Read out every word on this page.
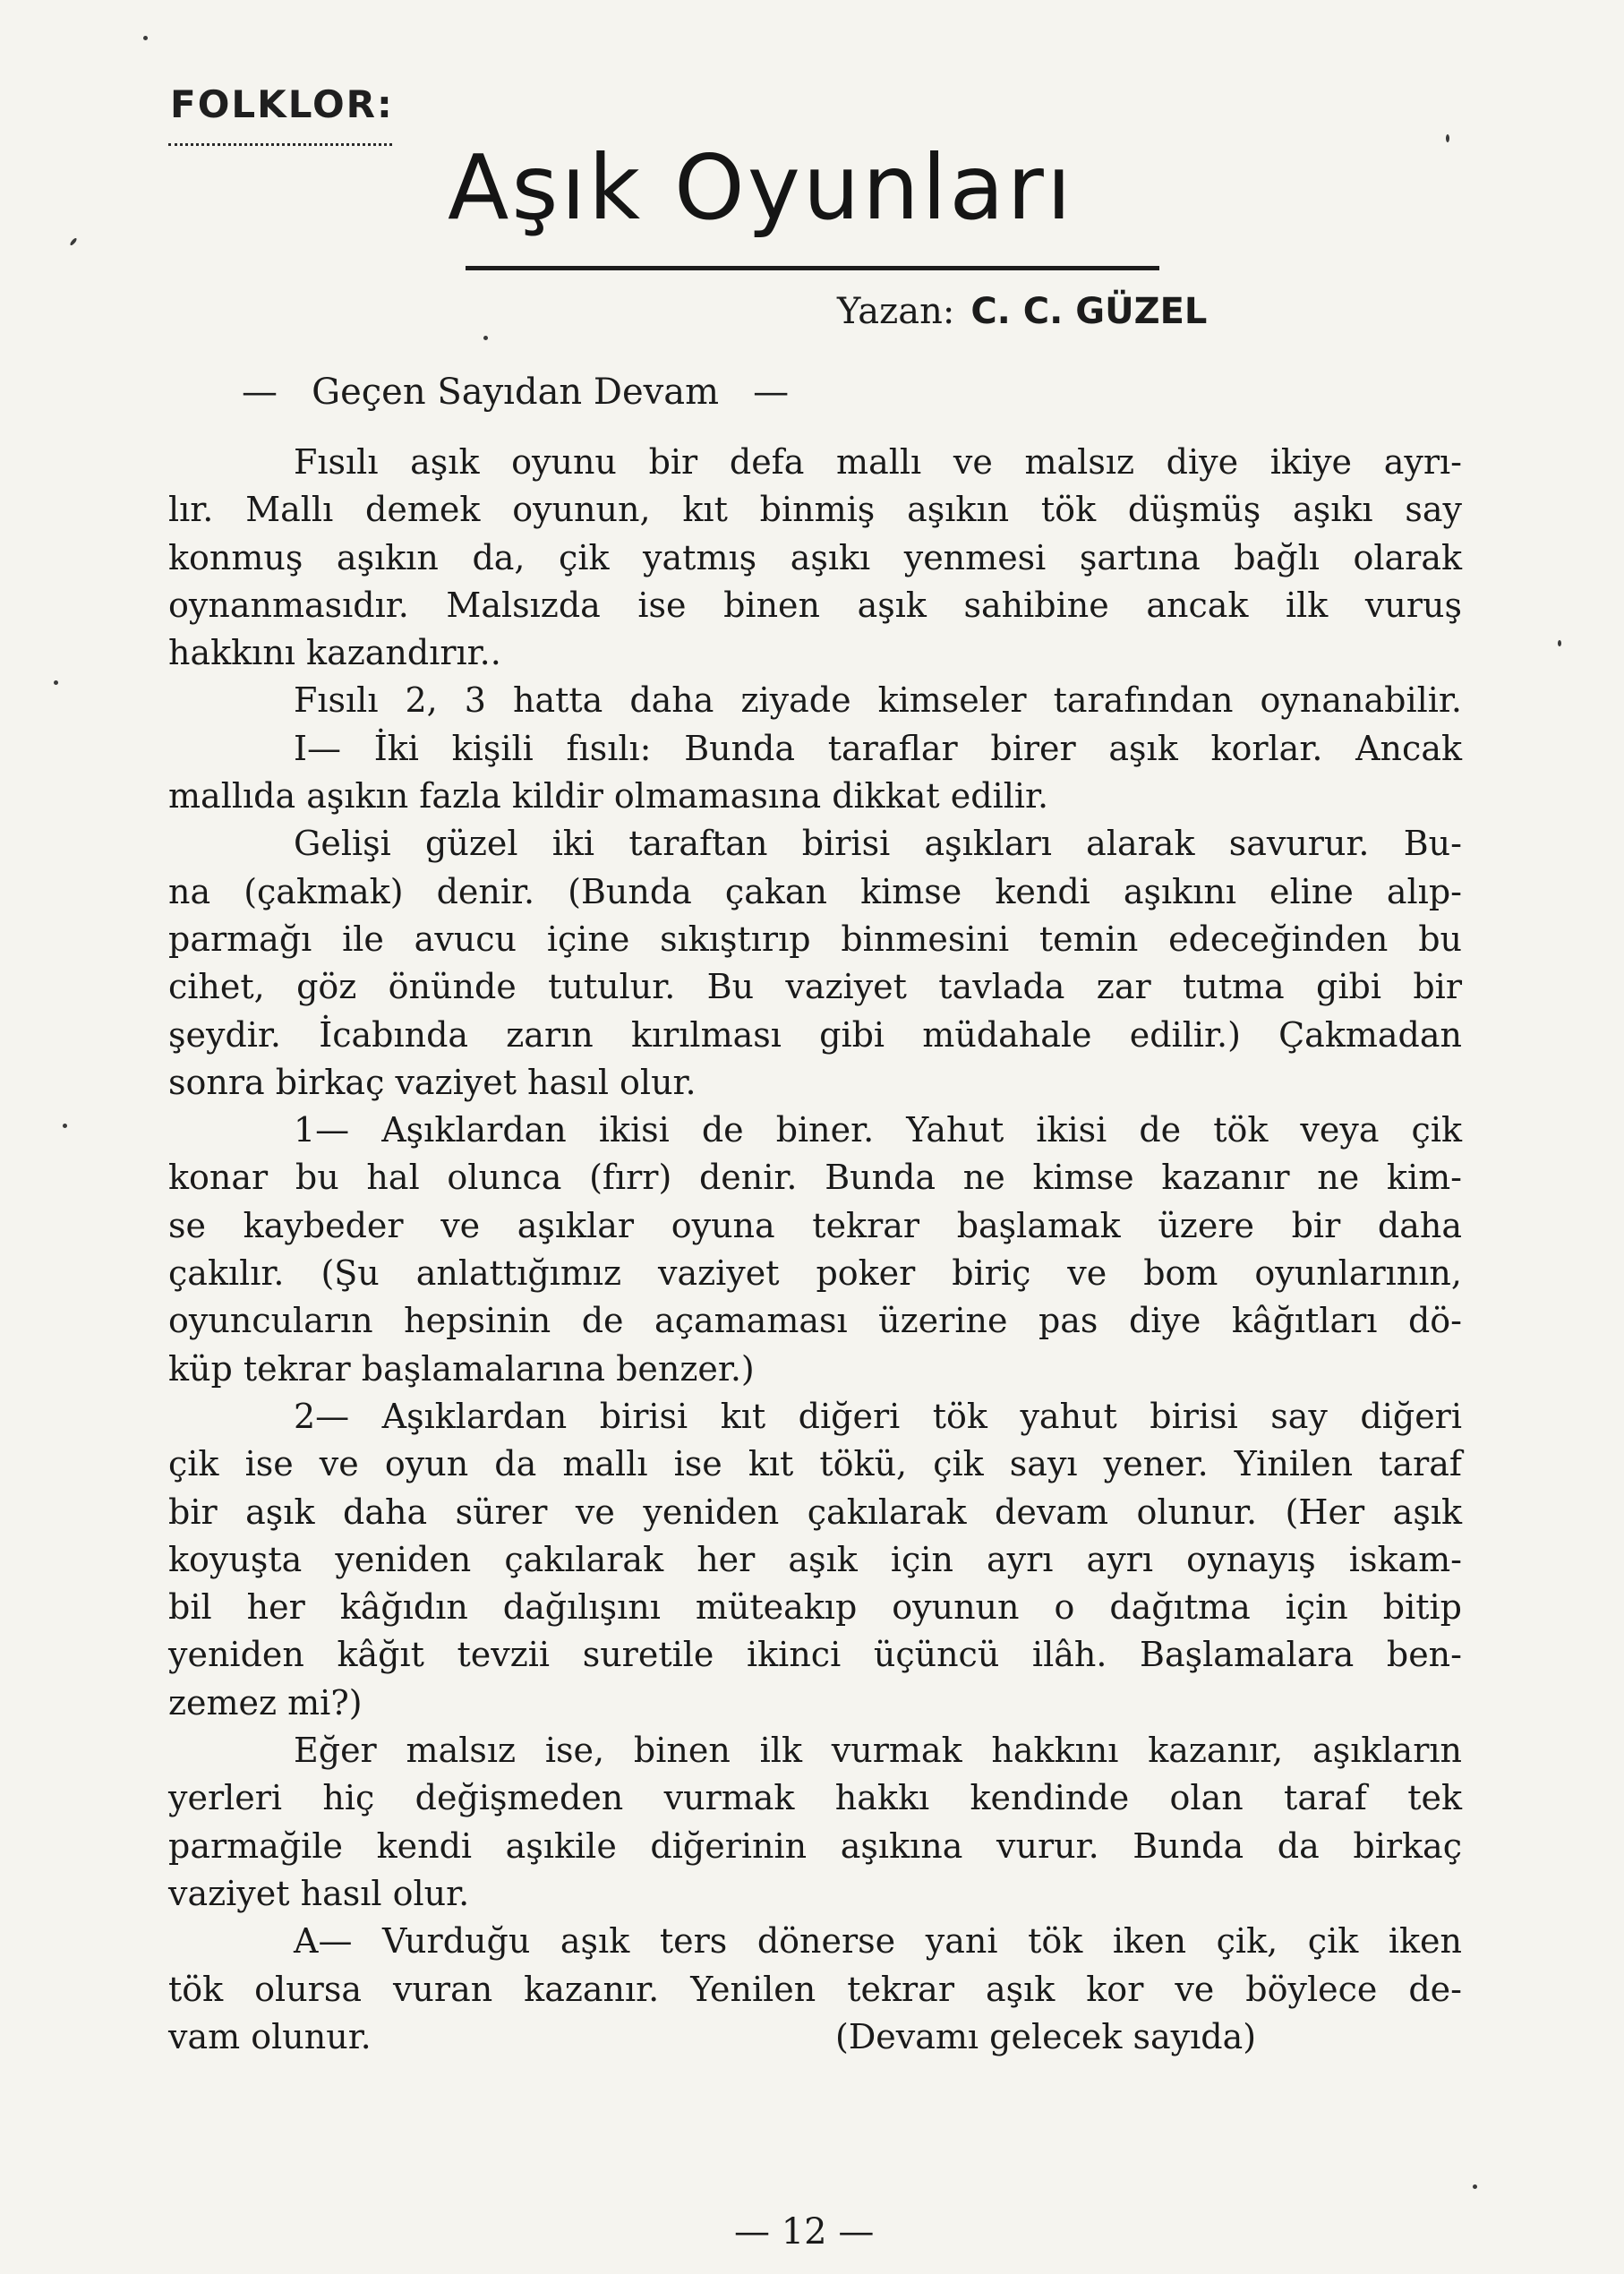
FOLKLOR:
Aşık Oyunları
Yazan: C. C. GÜZEL
—   Geçen Sayıdan Devam   —
Fısılı aşık oyunu bir defa mallı ve malsız diye ikiye ayrı-
lır. Mallı demek oyunun, kıt binmiş aşıkın tök düşmüş aşıkı say
konmuş aşıkın da, çik yatmış aşıkı yenmesi şartına bağlı olarak
oynanmasıdır. Malsızda ise binen aşık sahibine ancak ilk vuruş
hakkını kazandırır..
Fısılı 2, 3 hatta daha ziyade kimseler tarafından oynanabilir.
I— İki kişili fısılı: Bunda taraflar birer aşık korlar. Ancak
mallıda aşıkın fazla kildir olmamasına dikkat edilir.
Gelişi güzel iki taraftan birisi aşıkları alarak savurur. Bu-
na (çakmak) denir. (Bunda çakan kimse kendi aşıkını eline alıp-
parmağı ile avucu içine sıkıştırıp binmesini temin edeceğinden bu
cihet, göz önünde tutulur. Bu vaziyet tavlada zar tutma gibi bir
şeydir. İcabında zarın kırılması gibi müdahale edilir.) Çakmadan
sonra birkaç vaziyet hasıl olur.
1— Aşıklardan ikisi de biner. Yahut ikisi de tök veya çik
konar bu hal olunca (fırr) denir. Bunda ne kimse kazanır ne kim-
se kaybeder ve aşıklar oyuna tekrar başlamak üzere bir daha
çakılır. (Şu anlattığımız vaziyet poker biriç ve bom oyunlarının,
oyuncuların hepsinin de açamaması üzerine pas diye kâğıtları dö-
küp tekrar başlamalarına benzer.)
2— Aşıklardan birisi kıt diğeri tök yahut birisi say diğeri
çik ise ve oyun da mallı ise kıt tökü, çik sayı yener. Yinilen taraf
bir aşık daha sürer ve yeniden çakılarak devam olunur. (Her aşık
koyuşta yeniden çakılarak her aşık için ayrı ayrı oynayış iskam-
bil her kâğıdın dağılışını müteakıp oyunun o dağıtma için bitip
yeniden kâğıt tevzii suretile ikinci üçüncü ilâh. Başlamalara ben-
zemez mi?)
Eğer malsız ise, binen ilk vurmak hakkını kazanır, aşıkların
yerleri hiç değişmeden vurmak hakkı kendinde olan taraf tek
parmağile kendi aşıkile diğerinin aşıkına vurur. Bunda da birkaç
vaziyet hasıl olur.
A— Vurduğu aşık ters dönerse yani tök iken çik, çik iken
tök olursa vuran kazanır. Yenilen tekrar aşık kor ve böylece de-
vam olunur.	(Devamı gelecek sayıda)
— 12 —
